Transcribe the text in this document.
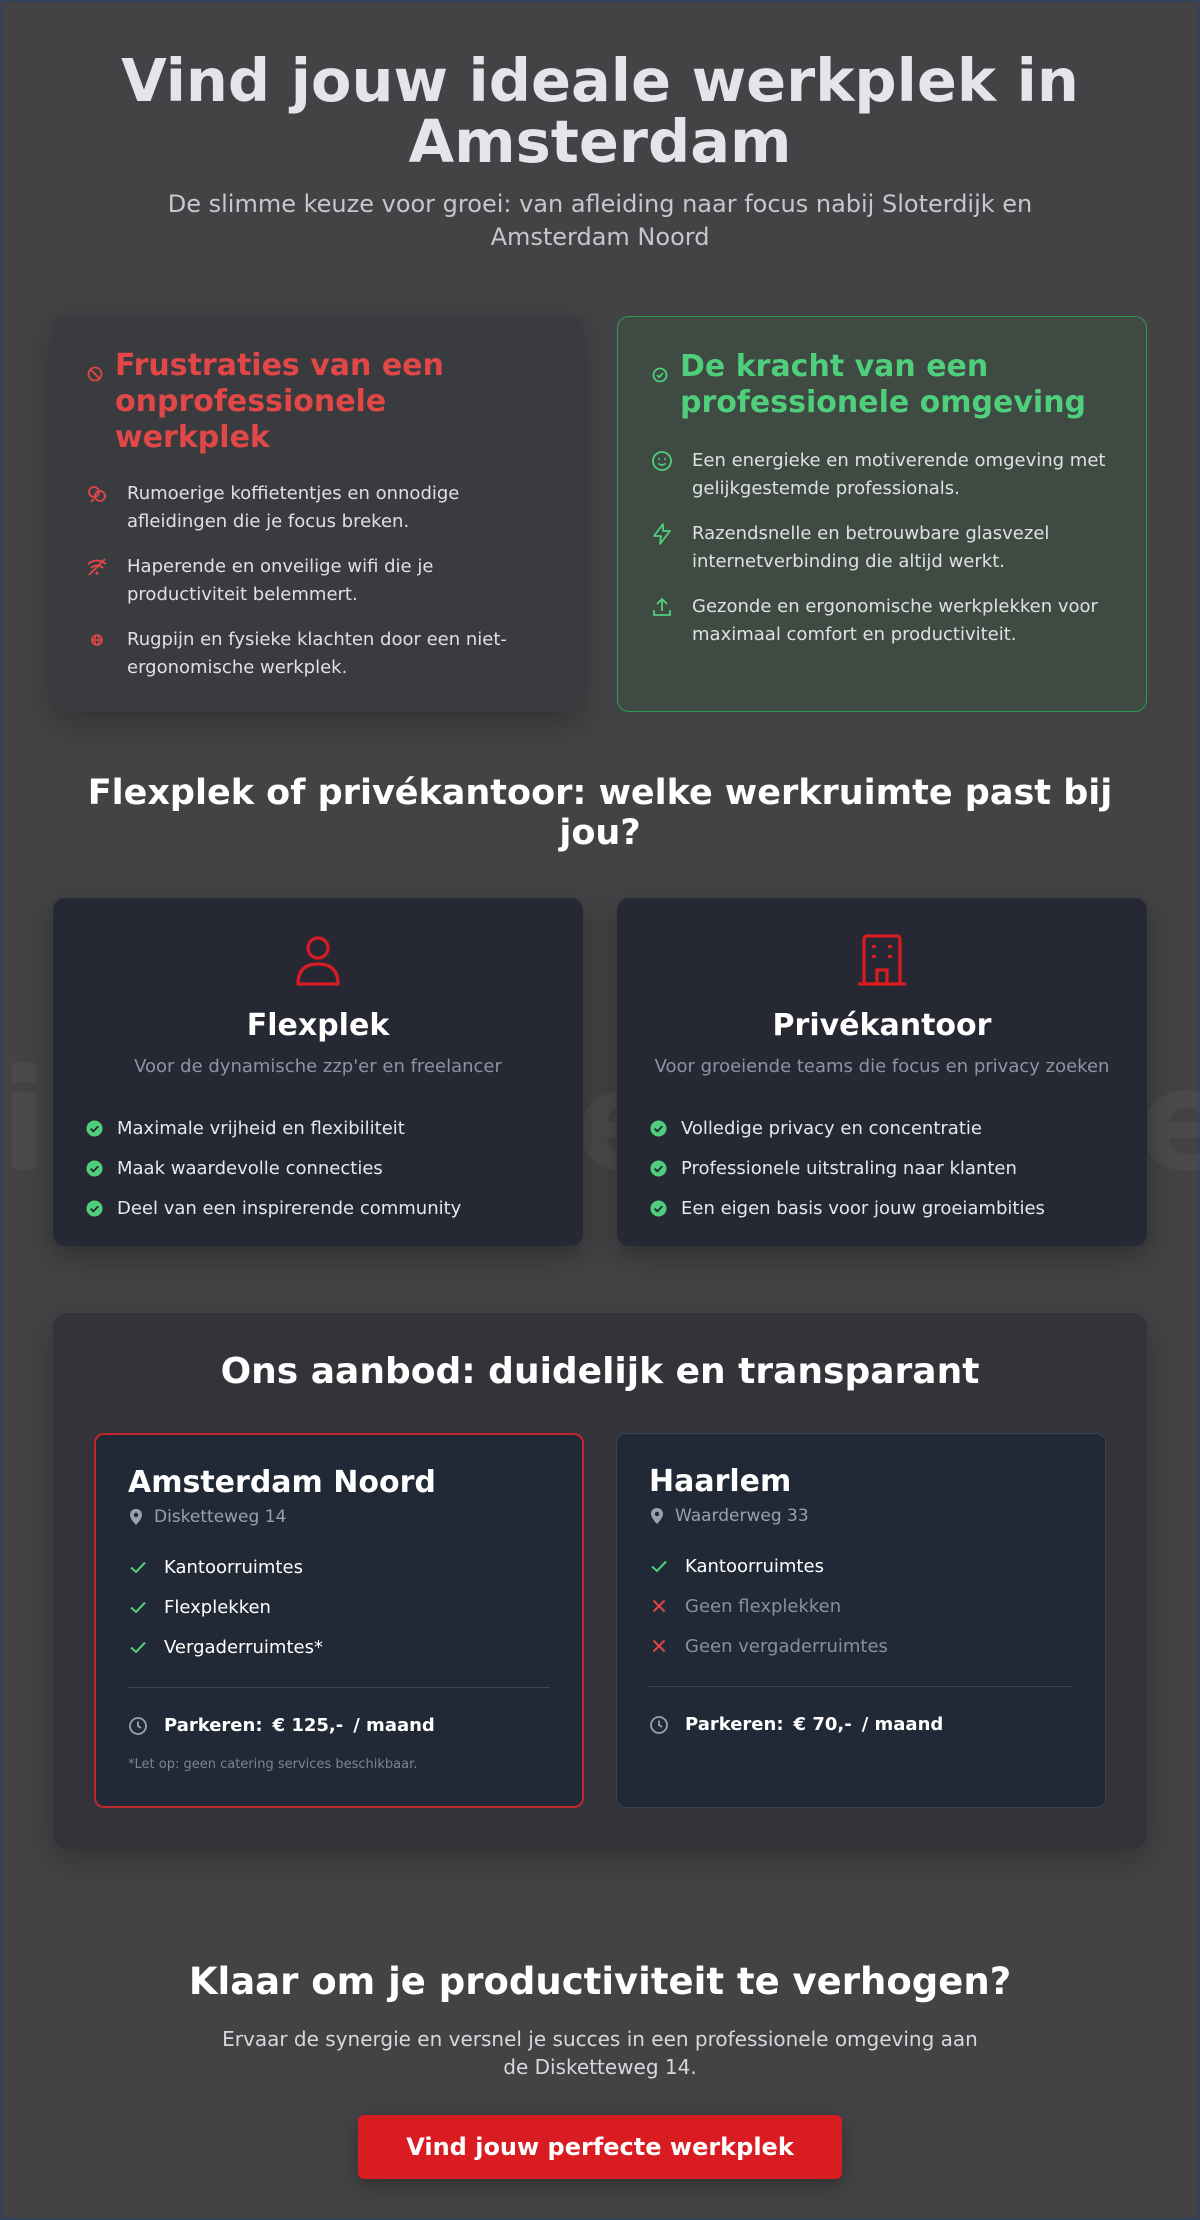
Vind jouw ideale werkplek in Amsterdam

De slimme keuze voor groei: van afleiding naar focus nabij Sloterdijk en Amsterdam Noord

Frustraties van een onprofessionele werkplek
Rumoerige koffietentjes en onnodige afleidingen die je focus breken.
Haperende en onveilige wifi die je productiviteit belemmert.
Rugpijn en fysieke klachten door een niet-ergonomische werkplek.
De kracht van een professionele omgeving
Een energieke en motiverende omgeving met gelijkgestemde professionals.
Razendsnelle en betrouwbare glasvezel internetverbinding die altijd werkt.
Gezonde en ergonomische werkplekken voor maximaal comfort en productiviteit.
Flexplek of privékantoor: welke werkruimte past bij jou?
Flexplek
Voor de dynamische zzp'er en freelancer
Maximale vrijheid en flexibiliteit
Maak waardevolle connecties
Deel van een inspirerende community
Privékantoor
Voor groeiende teams die focus en privacy zoeken
Volledige privacy en concentratie
Professionele uitstraling naar klanten
Een eigen basis voor jouw groeiambities
Ons aanbod: duidelijk en transparant
Amsterdam Noord
Disketteweg 14
Kantoorruimtes
Flexplekken
Vergaderruimtes*
Parkeren: € 125,- / maand
*Let op: geen catering services beschikbaar.
Haarlem
Waarderweg 33
Kantoorruimtes
Geen flexplekken
Geen vergaderruimtes
Parkeren: € 70,- / maand
Klaar om je productiviteit te verhogen?

Ervaar de synergie en versnel je succes in een professionele omgeving aan de Disketteweg 14.

Vind jouw perfecte werkplek
